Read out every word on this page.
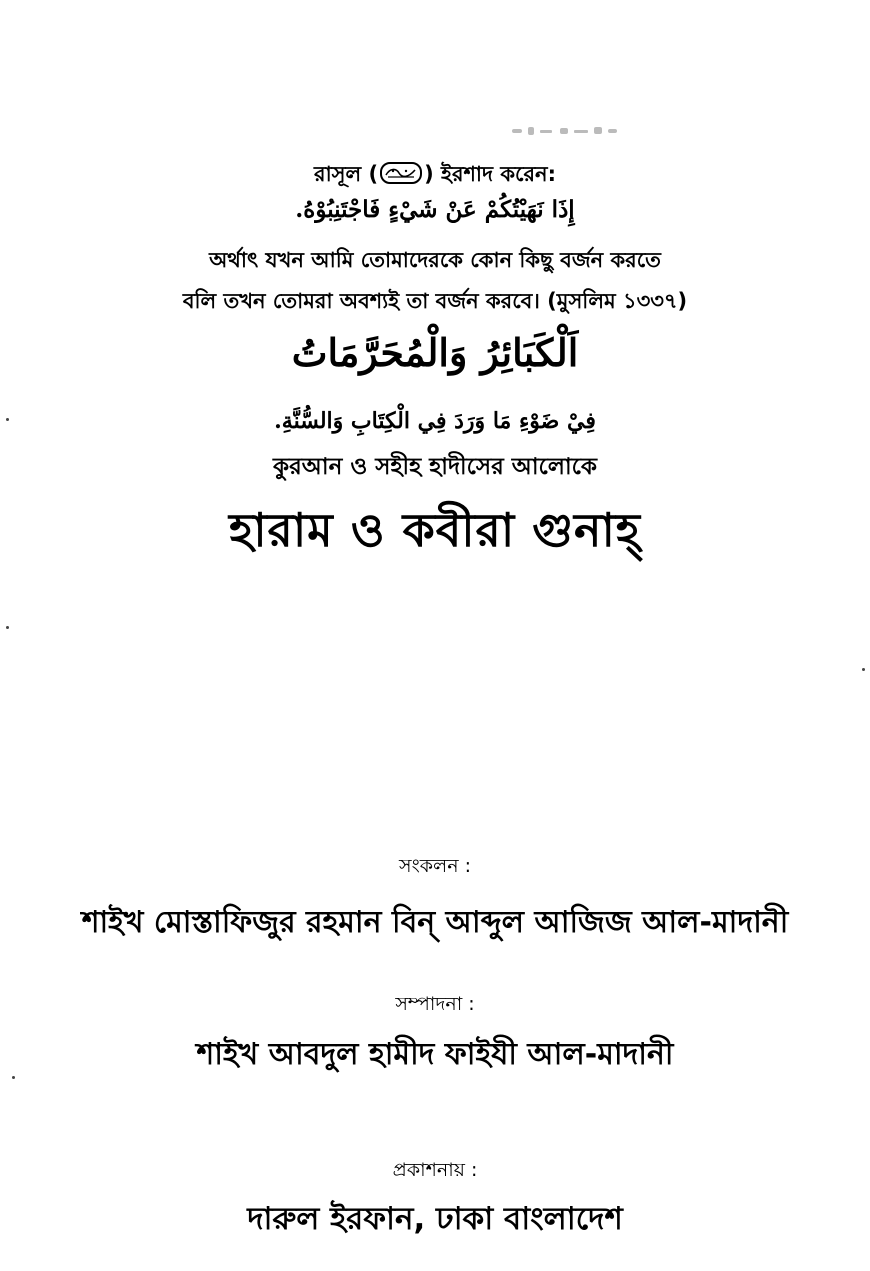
রাসূল ( ) ইরশাদ করেন:
إِذَا نَهَيْتُكُمْ عَنْ شَيْءٍ فَاجْتَنِبُوْهُ.
অর্থাৎ যখন আমি তোমাদেরকে কোন কিছু বর্জন করতে
বলি তখন তোমরা অবশ্যই তা বর্জন করবে। (মুসলিম ১৩৩৭)
اَلْكَبَائِرُ وَالْمُحَرَّمَاتُ
فِيْ ضَوْءِ مَا وَرَدَ فِي الْكِتَابِ وَالسُّنَّةِ.
কুরআন ও সহীহ হাদীসের আলোকে
হারাম ও কবীরা গুনাহ্
সংকলন :
শাইখ মোস্তাফিজুর রহমান বিন্ আব্দুল আজিজ আল-মাদানী
সম্পাদনা :
শাইখ আবদুল হামীদ ফাইযী আল-মাদানী
প্রকাশনায় :
দারুল ইরফান, ঢাকা বাংলাদেশ
